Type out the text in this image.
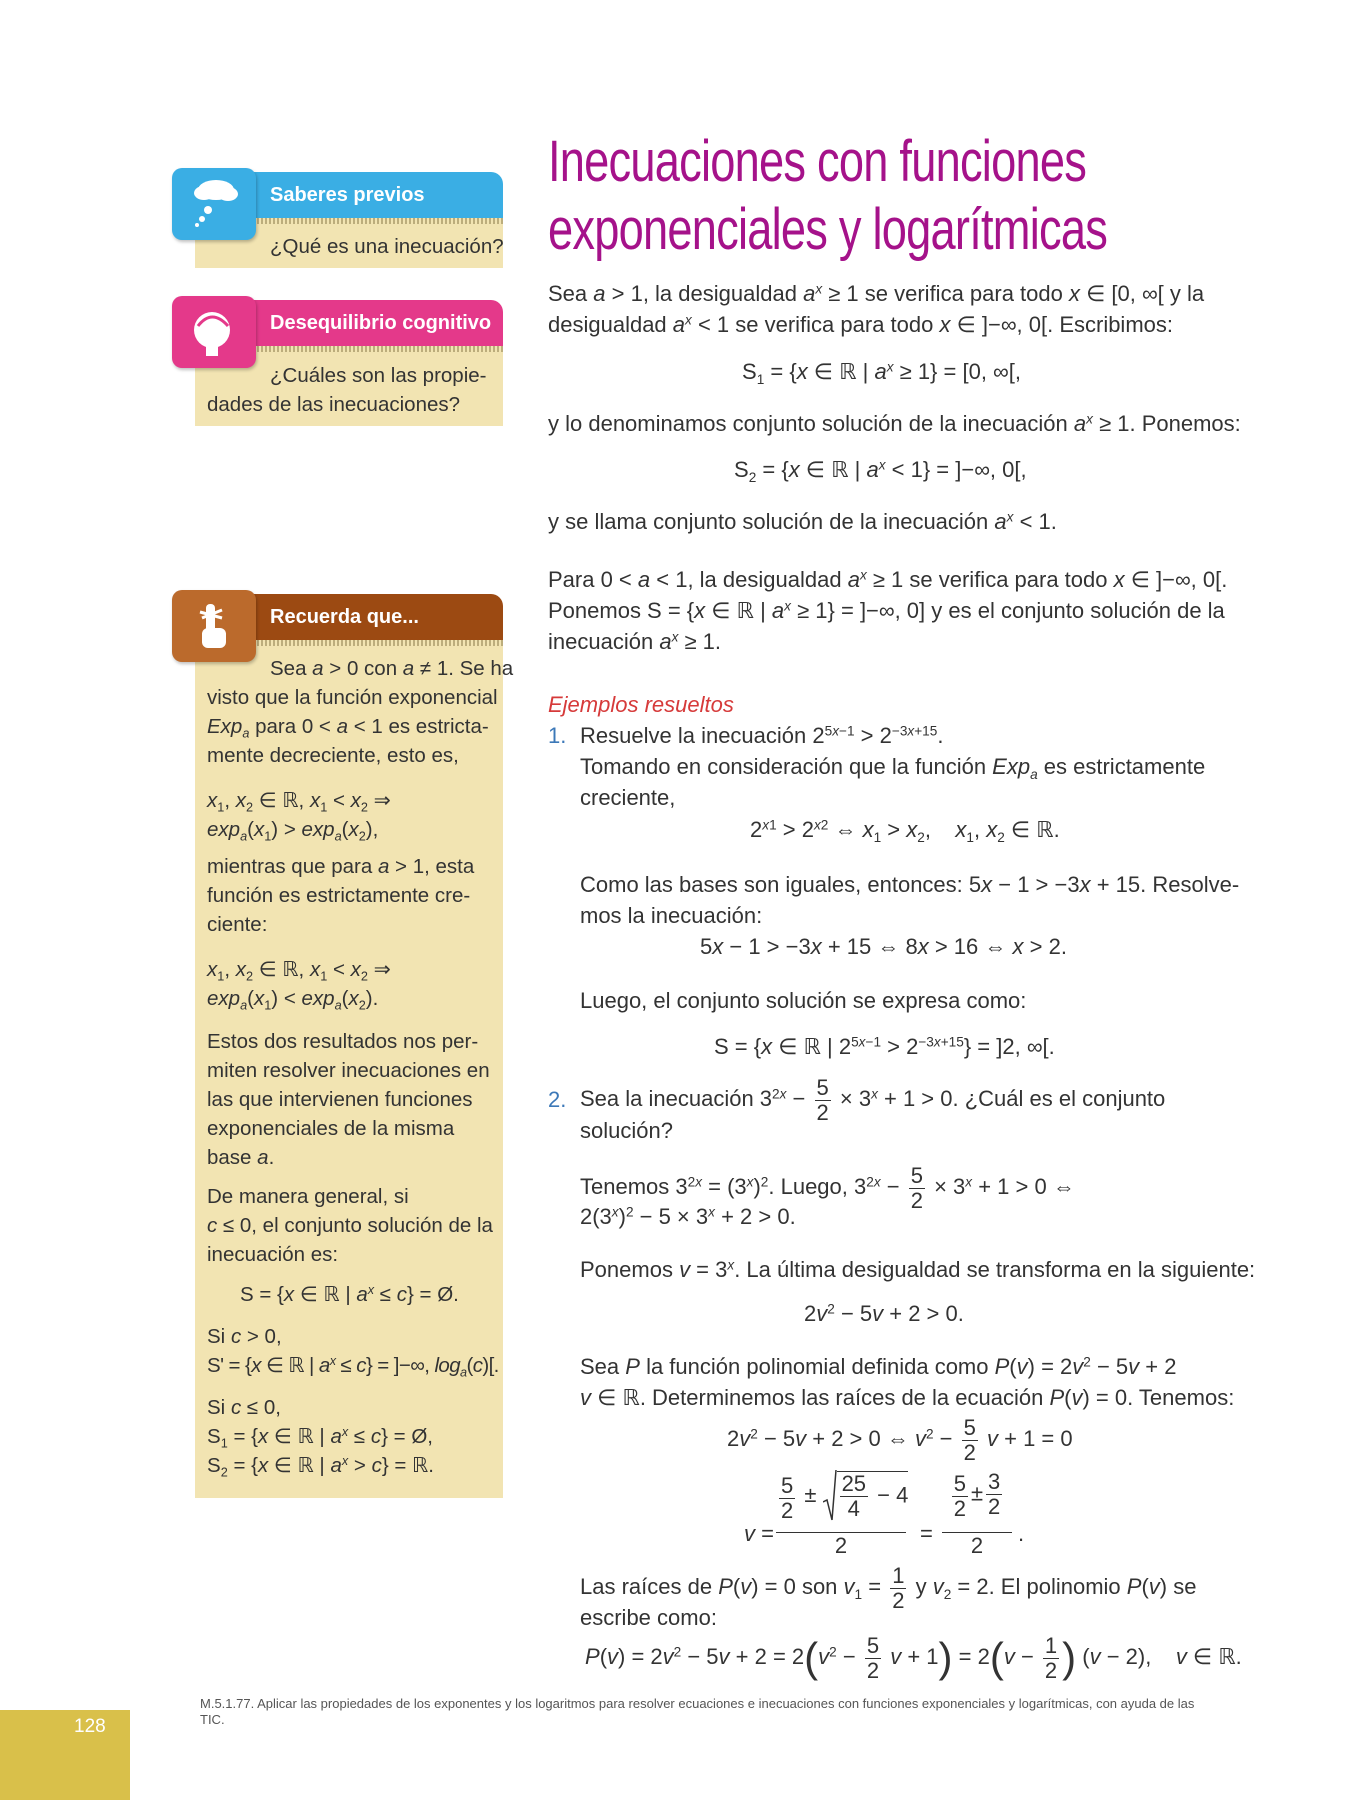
Inecuaciones con funciones
exponenciales y logarítmicas
Saberes previos
¿Qué es una inecuación?
Desequilibrio cognitivo
¿Cuáles son las propie-
dades de las inecuaciones?
Recuerda que...
Sea a > 0 con a ≠ 1. Se ha
visto que la función exponencial
Exp$_a$ para 0 < a < 1 es estricta-
mente decreciente, esto es,
$x_1$, $x_2$ ∈ ℝ, $x_1 < x_2$ ⇒
$\exp_a(x_1) > \exp_a(x_2)$,
mientras que para a > 1, esta
función es estrictamente cre-
ciente:
$x_1$, $x_2$ ∈ ℝ, $x_1 < x_2$ ⇒
$\exp_a(x_1) < \exp_a(x_2)$.
Estos dos resultados nos per-
miten resolver inecuaciones en
las que intervienen funciones
exponenciales de la misma
base a.
De manera general, si
c ≤ 0, el conjunto solución de la
inecuación es:
S = {x ∈ ℝ | $a^x \le c$} = Ø.
Si c > 0,
S' = {x ∈ ℝ | $a^x \le c$} = ]−∞, $\log_a(c)$[.
Si c ≤ 0,
$S_1 = \{x$ ∈ ℝ | $a^x \le c$} = Ø,
$S_2 = \{x$ ∈ ℝ | $a^x > c$} = ℝ.
Sea a > 1, la desigualdad $a^x \ge 1$ se verifica para todo x ∈ [0, ∞[ y la
desigualdad $a^x < 1$ se verifica para todo x ∈ ]−∞, 0[. Escribimos:
$S_1 = \{x$ ∈ ℝ | $a^x \ge 1\} = [0$, ∞[,
y lo denominamos conjunto solución de la inecuación $a^x \ge 1$. Ponemos:
$S_2 = \{x$ ∈ ℝ | $a^x < 1$} = ]−∞, 0[,
y se llama conjunto solución de la inecuación $a^x < 1$.
Para 0 < a < 1, la desigualdad $a^x \ge 1$ se verifica para todo x ∈ ]−∞, 0[.
Ponemos S = {x ∈ ℝ | $a^x \ge 1$} = ]−∞, 0] y es el conjunto solución de la
inecuación $a^x \ge 1$.
Ejemplos resueltos
1. Resuelve la inecuación $2^{5x-1} > 2^{-3x+15}$.
Tomando en consideración que la función Exp$_a$ es estrictamente
creciente,
$2^{x1} > 2^{x2}$ ⇔ $x_1 > x_2$,    $x_1$, $x_2$ ∈ ℝ.
Como las bases son iguales, entonces: 5x − 1 > −3x + 15. Resolve-
mos la inecuación:
5x − 1 > −3x + 15 ⇔ 8x > 16 ⇔ x > 2.
Luego, el conjunto solución se expresa como:
S = {x ∈ ℝ | $2^{5x-1} > 2^{-3x+15}\} = ]2$, ∞[.
2. Sea la inecuación $3^{2x} - \frac{5}{2} \times 3^x + 1 > 0$. ¿Cuál es el conjunto
solución?
Tenemos $3^{2x} = (3^x)^2$. Luego, $3^{2x} - \frac{5}{2} \times 3^x + 1 > 0$ ⇔
$2(3^x)^2 - 5 \times 3^x + 2 > 0$.
Ponemos $v = 3^x$. La última desigualdad se transforma en la siguiente:
$2v^2 - 5v + 2 > 0$.
Sea P la función polinomial definida como $P(v) = 2v^2 - 5v + 2$
v ∈ ℝ. Determinemos las raíces de la ecuación P(v) = 0. Tenemos:
$2v^2 - 5v + 2 > 0$ ⇔ $v^2 - \frac{5}{2}$ v + 1 = 0
v =
$\frac{5}{2} \pm \frac{25}{4} - 4$
2	=
$\frac{5}{2} \pm \frac{3}{2}$
2	.
Las raíces de P(v) = 0 son $v_1 = \frac{1}{2}$ y $v_2 = 2$. El polinomio P(v) se
escribe como:
$P(v) = 2v^2 - 5v + 2 = 2(v^2 - \frac{5}{2}$ $v + 1) = 2(v - \frac{1}{2}$ ) (v − 2),    v ∈ ℝ.
128
M.5.1.77. Aplicar las propiedades de los exponentes y los logaritmos para resolver ecuaciones e inecuaciones con funciones exponenciales y logarítmicas, con ayuda de las TIC.
